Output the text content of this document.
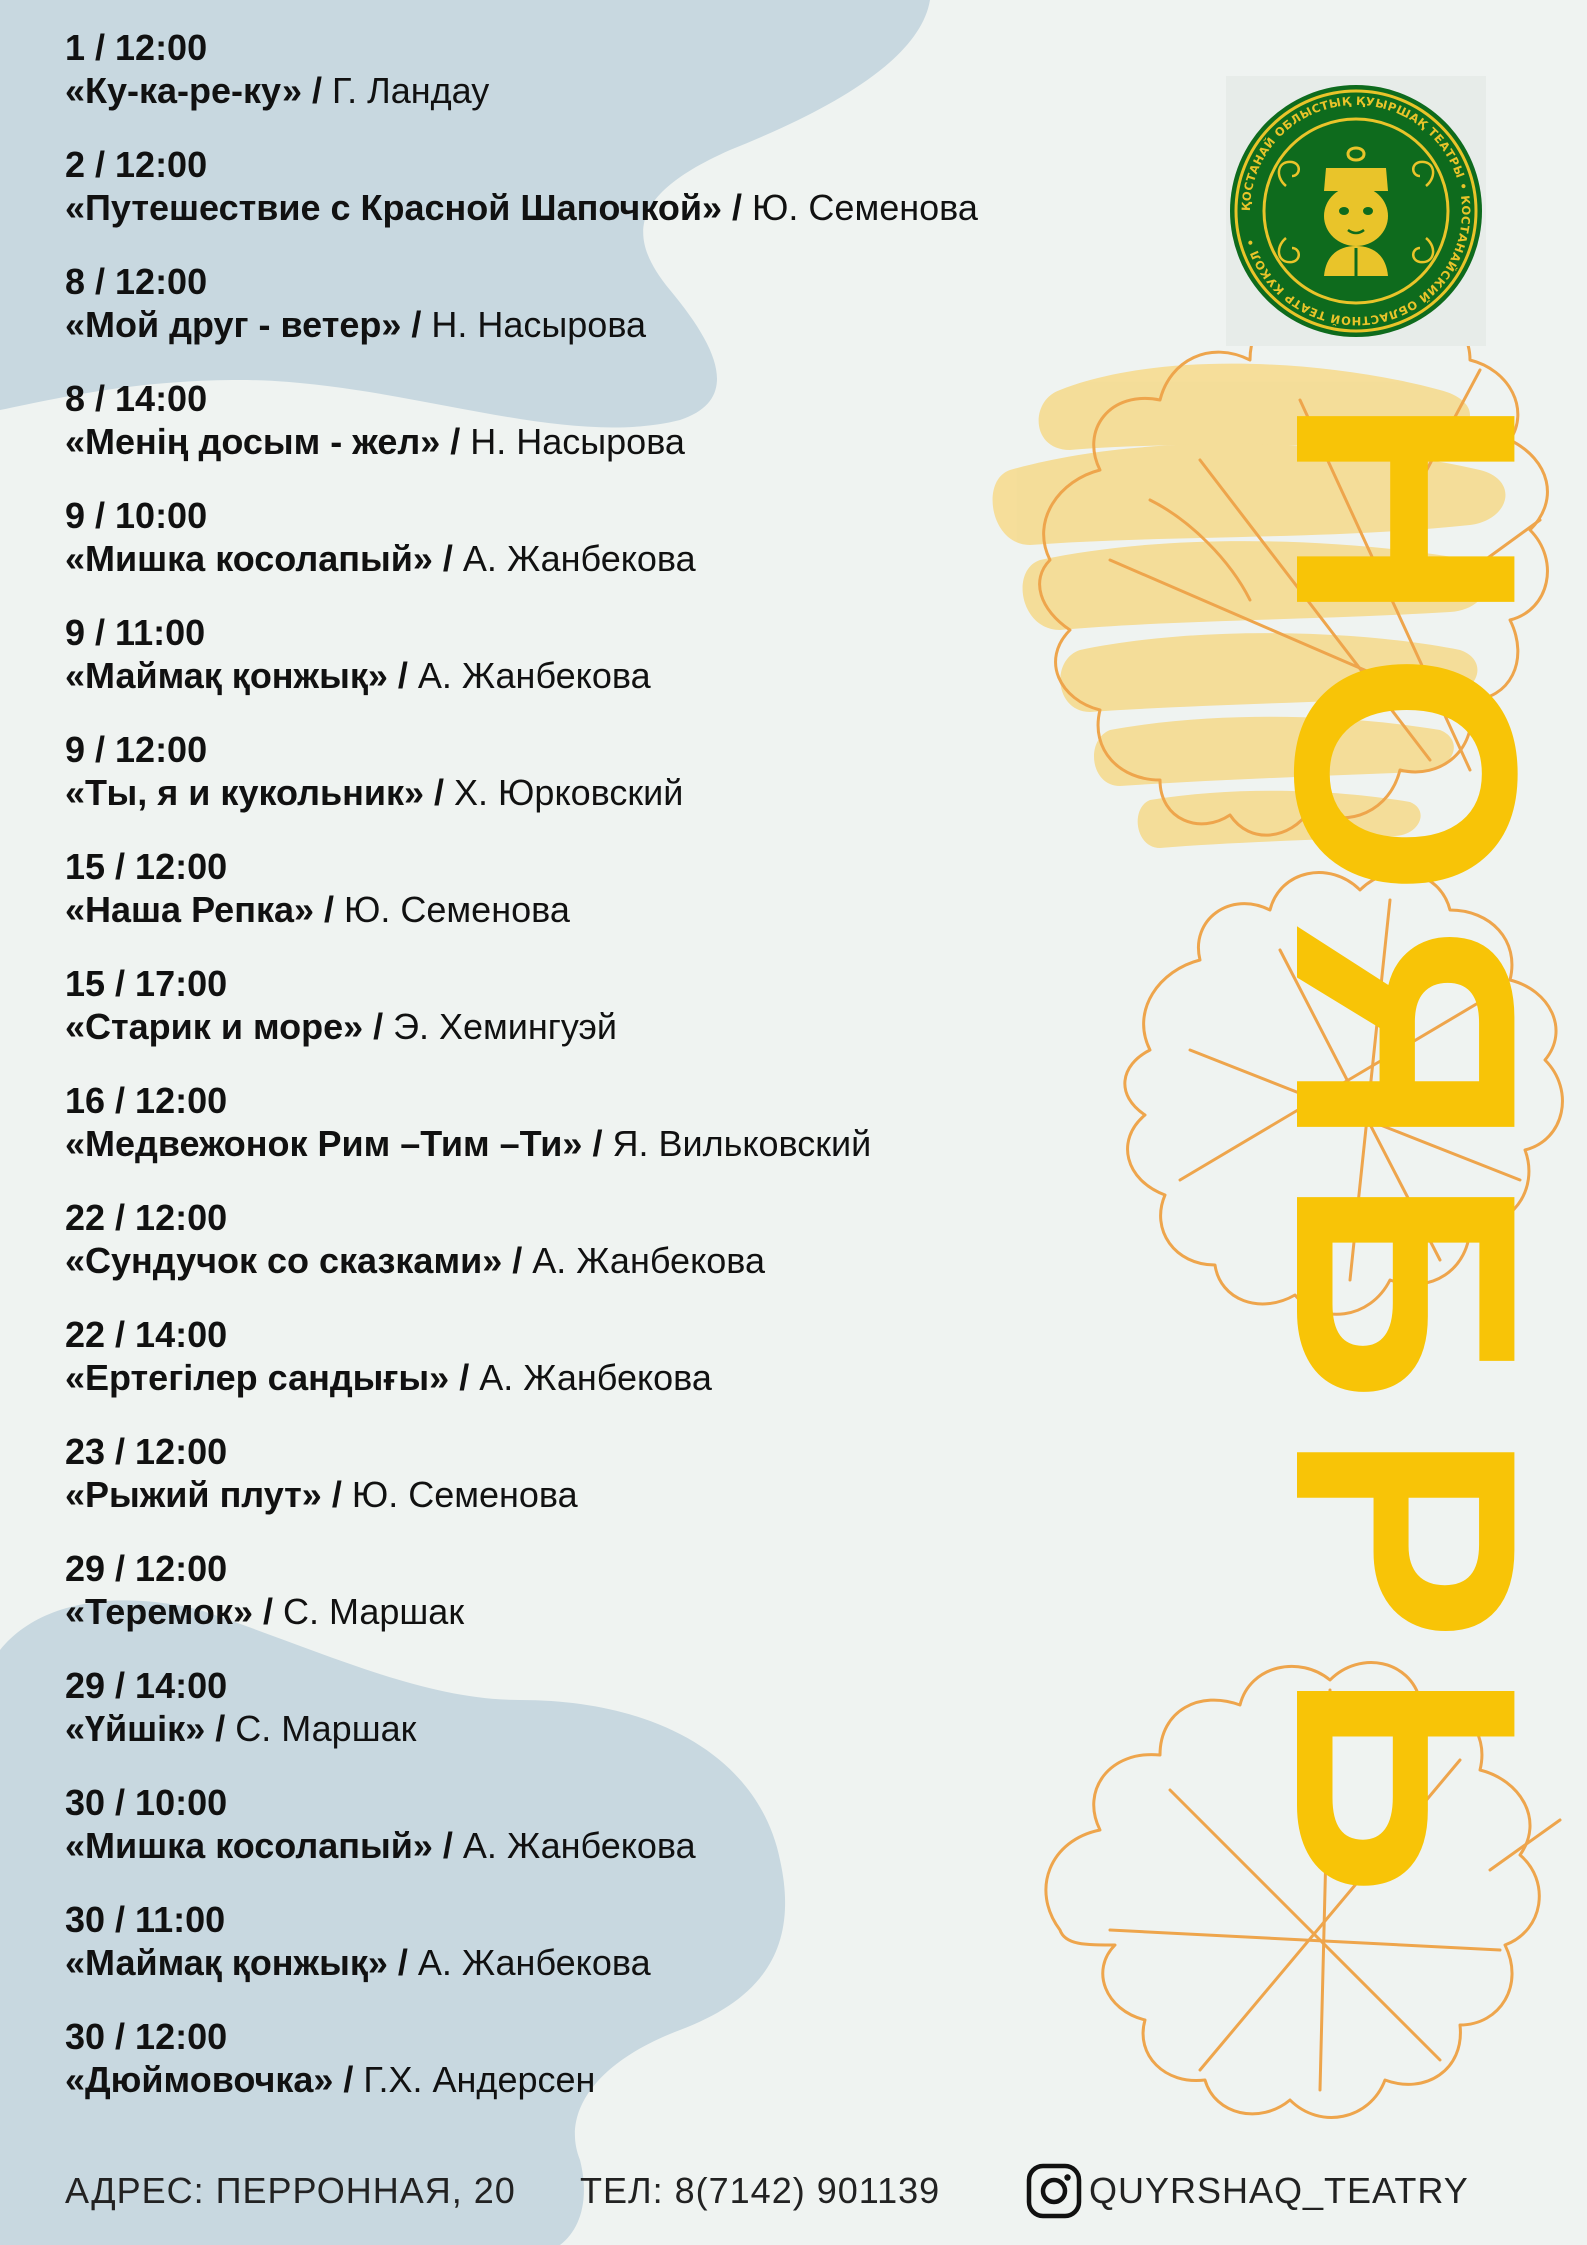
1 / 12:00
«Ку-ка-ре-ку» / Г. Ландау
2 / 12:00
«Путешествие с Красной Шапочкой» / Ю. Семенова
8 / 12:00
«Мой друг - ветер» / Н. Насырова
8 / 14:00
«Менің досым - жел» / Н. Насырова
9 / 10:00
«Мишка косолапый» / А. Жанбекова
9 / 11:00
«Маймақ қонжық» / А. Жанбекова
9 / 12:00
«Ты, я и кукольник» / Х. Юрковский
15 / 12:00
«Наша Репка» / Ю. Семенова
15 / 17:00
«Старик и море» / Э. Хемингуэй
16 / 12:00
«Медвежонок Рим –Тим –Ти» / Я. Вильковский
22 / 12:00
«Сундучок со сказками» / А. Жанбекова
22 / 14:00
«Ертегілер сандығы» / А. Жанбекова
23 / 12:00
«Рыжий плут» / Ю. Семенова
29 / 12:00
«Теремок» / С. Маршак
29 / 14:00
«Үйшік» / С. Маршак
30 / 10:00
«Мишка косолапый» / А. Жанбекова
30 / 11:00
«Маймақ қонжық» / А. Жанбекова
30 / 12:00
«Дюймовочка» / Г.Х. Андерсен
НОЯБРЬ
ҚОСТАНАЙ ОБЛЫСТЫҚ ҚУЫРШАҚ ТЕАТРЫ • КОСТАНАЙСКИЙ ОБЛАСТНОЙ ТЕАТР КУКОЛ •
АДРЕС: ПЕРРОННАЯ, 20 ТЕЛ: 8(7142) 901139	QUYRSHAQ_TEATRY
